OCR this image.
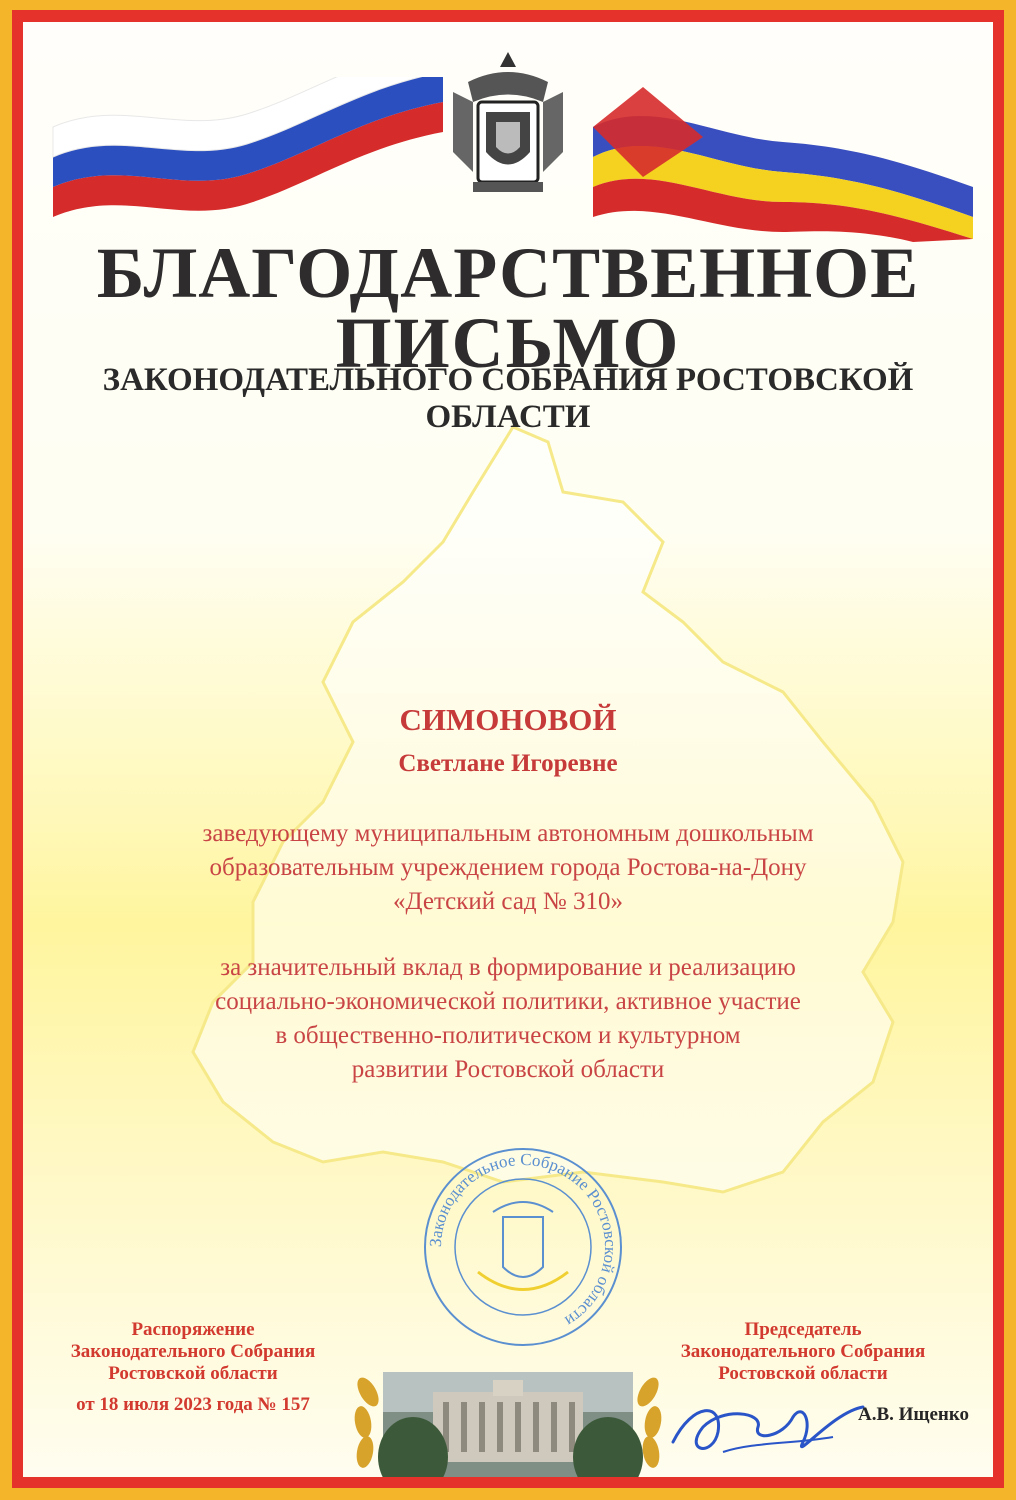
БЛАГОДАРСТВЕННОЕ
ПИСЬМО
ЗАКОНОДАТЕЛЬНОГО СОБРАНИЯ РОСТОВСКОЙ ОБЛАСТИ
СИМОНОВОЙ
Светлане Игоревне
заведующему муниципальным автономным дошкольным
образовательным учреждением города Ростова-на-Дону
«Детский сад № 310»
за значительный вклад в формирование и реализацию
социально-экономической политики, активное участие
в общественно-политическом и культурном
развитии Ростовской области
Законодательное Собрание Ростовской области
Распоряжение
Законодательного Собрания
Ростовской области
от 18 июля 2023 года № 157
Председатель
Законодательного Собрания
Ростовской области
А.В. Ищенко
